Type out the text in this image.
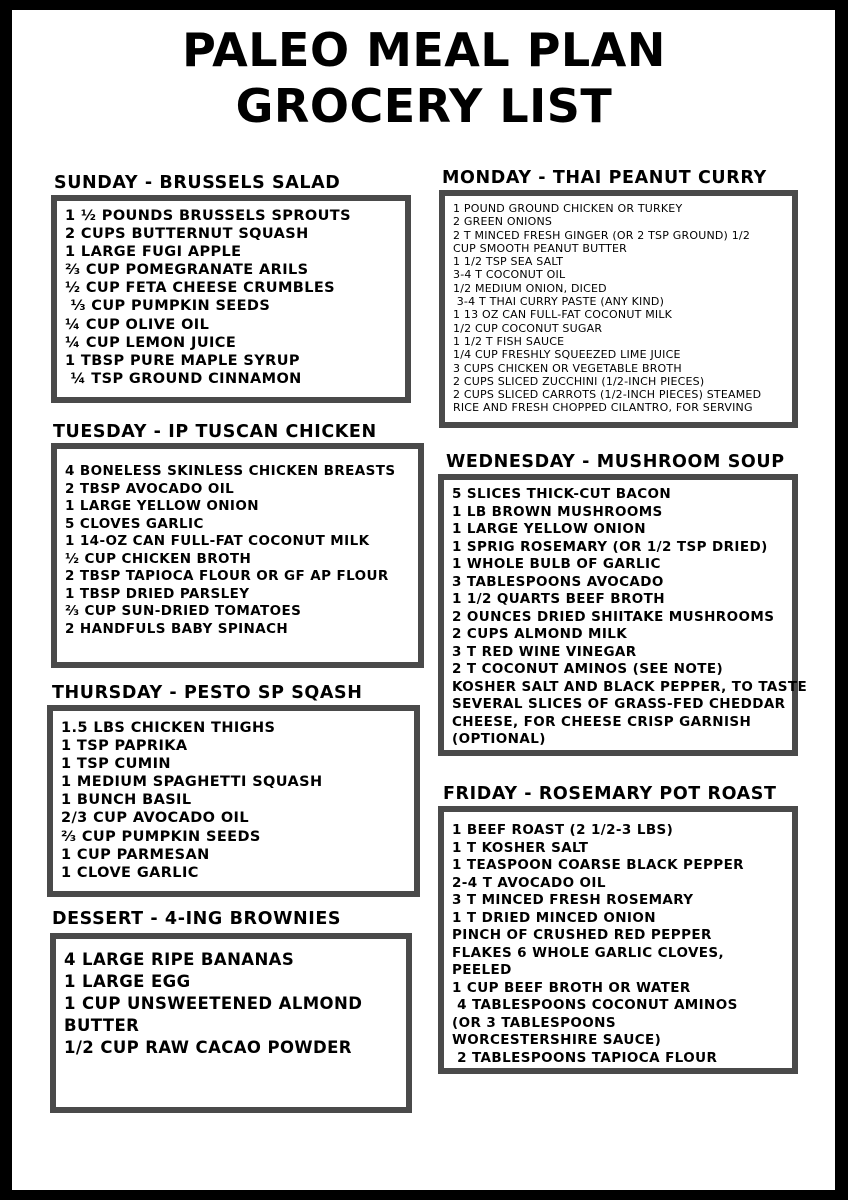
PALEO MEAL PLAN
GROCERY LIST
SUNDAY - BRUSSELS SALAD
1 ½ POUNDS BRUSSELS SPROUTS
2 CUPS BUTTERNUT SQUASH
1 LARGE FUGI APPLE
⅔ CUP POMEGRANATE ARILS
½ CUP FETA CHEESE CRUMBLES
⅓ CUP PUMPKIN SEEDS
¼ CUP OLIVE OIL
¼ CUP LEMON JUICE
1 TBSP PURE MAPLE SYRUP
¼ TSP GROUND CINNAMON
MONDAY - THAI PEANUT CURRY
1 POUND GROUND CHICKEN OR TURKEY
2 GREEN ONIONS
2 T MINCED FRESH GINGER (OR 2 TSP GROUND) 1/2
CUP SMOOTH PEANUT BUTTER
1 1/2 TSP SEA SALT
3-4 T COCONUT OIL
1/2 MEDIUM ONION, DICED
3-4 T THAI CURRY PASTE (ANY KIND)
1 13 OZ CAN FULL-FAT COCONUT MILK
1/2 CUP COCONUT SUGAR
1 1/2 T FISH SAUCE
1/4 CUP FRESHLY SQUEEZED LIME JUICE
3 CUPS CHICKEN OR VEGETABLE BROTH
2 CUPS SLICED ZUCCHINI (1/2-INCH PIECES)
2 CUPS SLICED CARROTS (1/2-INCH PIECES) STEAMED
RICE AND FRESH CHOPPED CILANTRO, FOR SERVING
TUESDAY - IP TUSCAN CHICKEN
4 BONELESS SKINLESS CHICKEN BREASTS
2 TBSP AVOCADO OIL
1 LARGE YELLOW ONION
5 CLOVES GARLIC
1 14-OZ CAN FULL-FAT COCONUT MILK
½ CUP CHICKEN BROTH
2 TBSP TAPIOCA FLOUR OR GF AP FLOUR
1 TBSP DRIED PARSLEY
⅔ CUP SUN-DRIED TOMATOES
2 HANDFULS BABY SPINACH
WEDNESDAY - MUSHROOM SOUP
5 SLICES THICK-CUT BACON
1 LB BROWN MUSHROOMS
1 LARGE YELLOW ONION
1 SPRIG ROSEMARY (OR 1/2 TSP DRIED)
1 WHOLE BULB OF GARLIC
3 TABLESPOONS AVOCADO
1 1/2 QUARTS BEEF BROTH
2 OUNCES DRIED SHIITAKE MUSHROOMS
2 CUPS ALMOND MILK
3 T RED WINE VINEGAR
2 T COCONUT AMINOS (SEE NOTE)
KOSHER SALT AND BLACK PEPPER, TO TASTE
SEVERAL SLICES OF GRASS-FED CHEDDAR
CHEESE, FOR CHEESE CRISP GARNISH
(OPTIONAL)
THURSDAY - PESTO SP SQASH
1.5 LBS CHICKEN THIGHS
1 TSP PAPRIKA
1 TSP CUMIN
1 MEDIUM SPAGHETTI SQUASH
1 BUNCH BASIL
2/3 CUP AVOCADO OIL
⅔ CUP PUMPKIN SEEDS
1 CUP PARMESAN
1 CLOVE GARLIC
FRIDAY - ROSEMARY POT ROAST
1 BEEF ROAST (2 1/2-3 LBS)
1 T KOSHER SALT
1 TEASPOON COARSE BLACK PEPPER
2-4 T AVOCADO OIL
3 T MINCED FRESH ROSEMARY
1 T DRIED MINCED ONION
PINCH OF CRUSHED RED PEPPER
FLAKES 6 WHOLE GARLIC CLOVES,
PEELED
1 CUP BEEF BROTH OR WATER
4 TABLESPOONS COCONUT AMINOS
(OR 3 TABLESPOONS
WORCESTERSHIRE SAUCE)
2 TABLESPOONS TAPIOCA FLOUR
DESSERT - 4-ING BROWNIES
4 LARGE RIPE BANANAS
1 LARGE EGG
1 CUP UNSWEETENED ALMOND
BUTTER
1/2 CUP RAW CACAO POWDER
